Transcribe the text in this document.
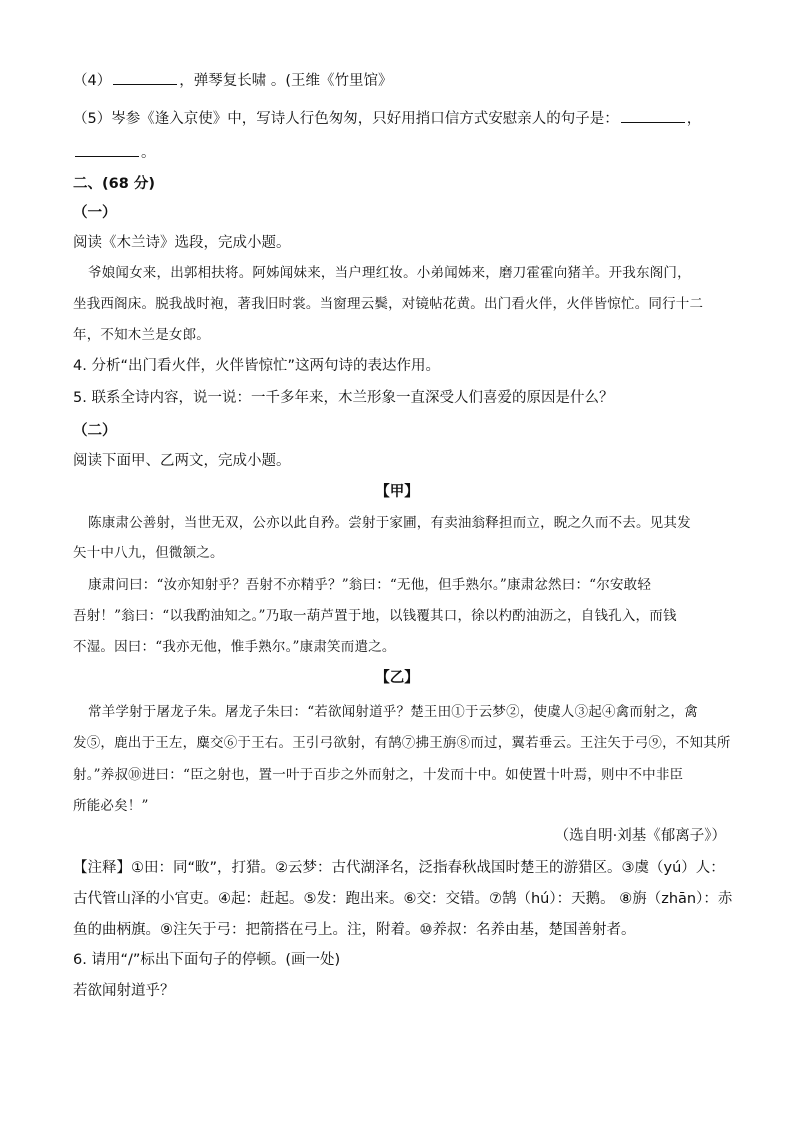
（4）	，弹琴复长啸 。(王维《竹里馆》
（5）岑参《逢入京使》中，写诗人行色匆匆，只好用捎口信方式安慰亲人的句子是：	，
。
二、(68 分)
（一）
阅读《木兰诗》选段，完成小题。
爷娘闻女来，出郭相扶将。阿姊闻妹来，当户理红妆。小弟闻姊来，磨刀霍霍向猪羊。开我东阁门，
坐我西阁床。脱我战时袍，著我旧时裳。当窗理云鬓，对镜帖花黄。出门看火伴，火伴皆惊忙。同行十二
年，不知木兰是女郎。
4. 分析“出门看火伴，火伴皆惊忙”这两句诗的表达作用。
5. 联系全诗内容，说一说：一千多年来，木兰形象一直深受人们喜爱的原因是什么？
（二）
阅读下面甲、乙两文，完成小题。
【甲】
陈康肃公善射，当世无双，公亦以此自矜。尝射于家圃，有卖油翁释担而立，睨之久而不去。见其发
矢十中八九，但微颔之。
康肃问曰：“汝亦知射乎？吾射不亦精乎？”翁曰：“无他，但手熟尔。”康肃忿然曰：“尔安敢轻
吾射！”翁曰：“以我酌油知之。”乃取一葫芦置于地，以钱覆其口，徐以杓酌油沥之，自钱孔入，而钱
不湿。因曰：“我亦无他，惟手熟尔。”康肃笑而遣之。
【乙】
常羊学射于屠龙子朱。屠龙子朱曰：“若欲闻射道乎？楚王田①于云梦②，使虞人③起④禽而射之，禽
发⑤，鹿出于王左，麋交⑥于王右。王引弓欲射，有鹄⑦拂王旃⑧而过，翼若垂云。王注矢于弓⑨，不知其所
射。”养叔⑩进曰：“臣之射也，置一叶于百步之外而射之，十发而十中。如使置十叶焉，则中不中非臣
所能必矣！”
（选自明·刘基《郁离子》）
【注释】①田：同“畋”，打猎。②云梦：古代湖泽名，泛指春秋战国时楚王的游猎区。③虞（yú）人：
古代管山泽的小官吏。④起：赶起。⑤发：跑出来。⑥交：交错。⑦鹄（hú）：天鹅。 ⑧旃（zhān）：赤
鱼的曲柄旗。⑨注矢于弓：把箭搭在弓上。注，附着。⑩养叔：名养由基，楚国善射者。
6. 请用“/”标出下面句子的停顿。(画一处)
若欲闻射道乎？
